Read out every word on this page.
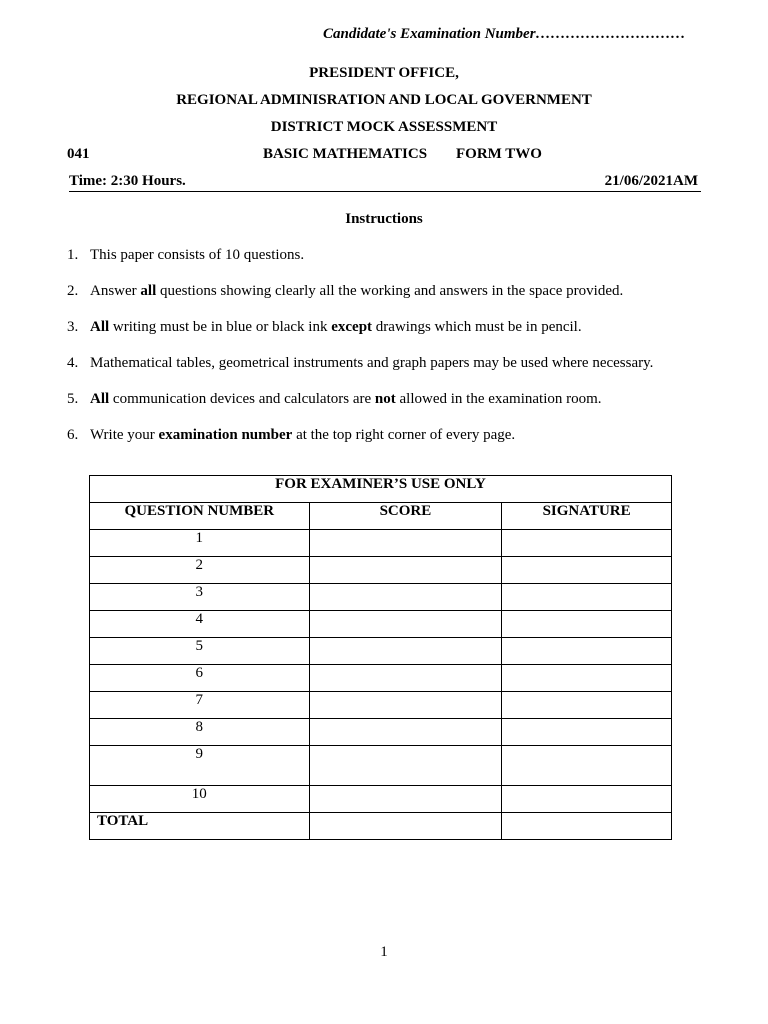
Candidate's Examination Number…………………………
PRESIDENT OFFICE,
REGIONAL ADMINISRATION AND LOCAL GOVERNMENT
DISTRICT MOCK ASSESSMENT
041	BASIC MATHEMATICS FORM TWO
Time: 2:30 Hours.	21/06/2021AM
Instructions
1. This paper consists of 10 questions.
2. Answer all questions showing clearly all the working and answers in the space provided.
3. All writing must be in blue or black ink except drawings which must be in pencil.
4. Mathematical tables, geometrical instruments and graph papers may be used where necessary.
5. All communication devices and calculators are not allowed in the examination room.
6. Write your examination number at the top right corner of every page.
FOR EXAMINER’S USE ONLY		
QUESTION NUMBER	SCORE	SIGNATURE
1		
2		
3		
4		
5		
6		
7		
8		
9		
10		
TOTAL		
1
